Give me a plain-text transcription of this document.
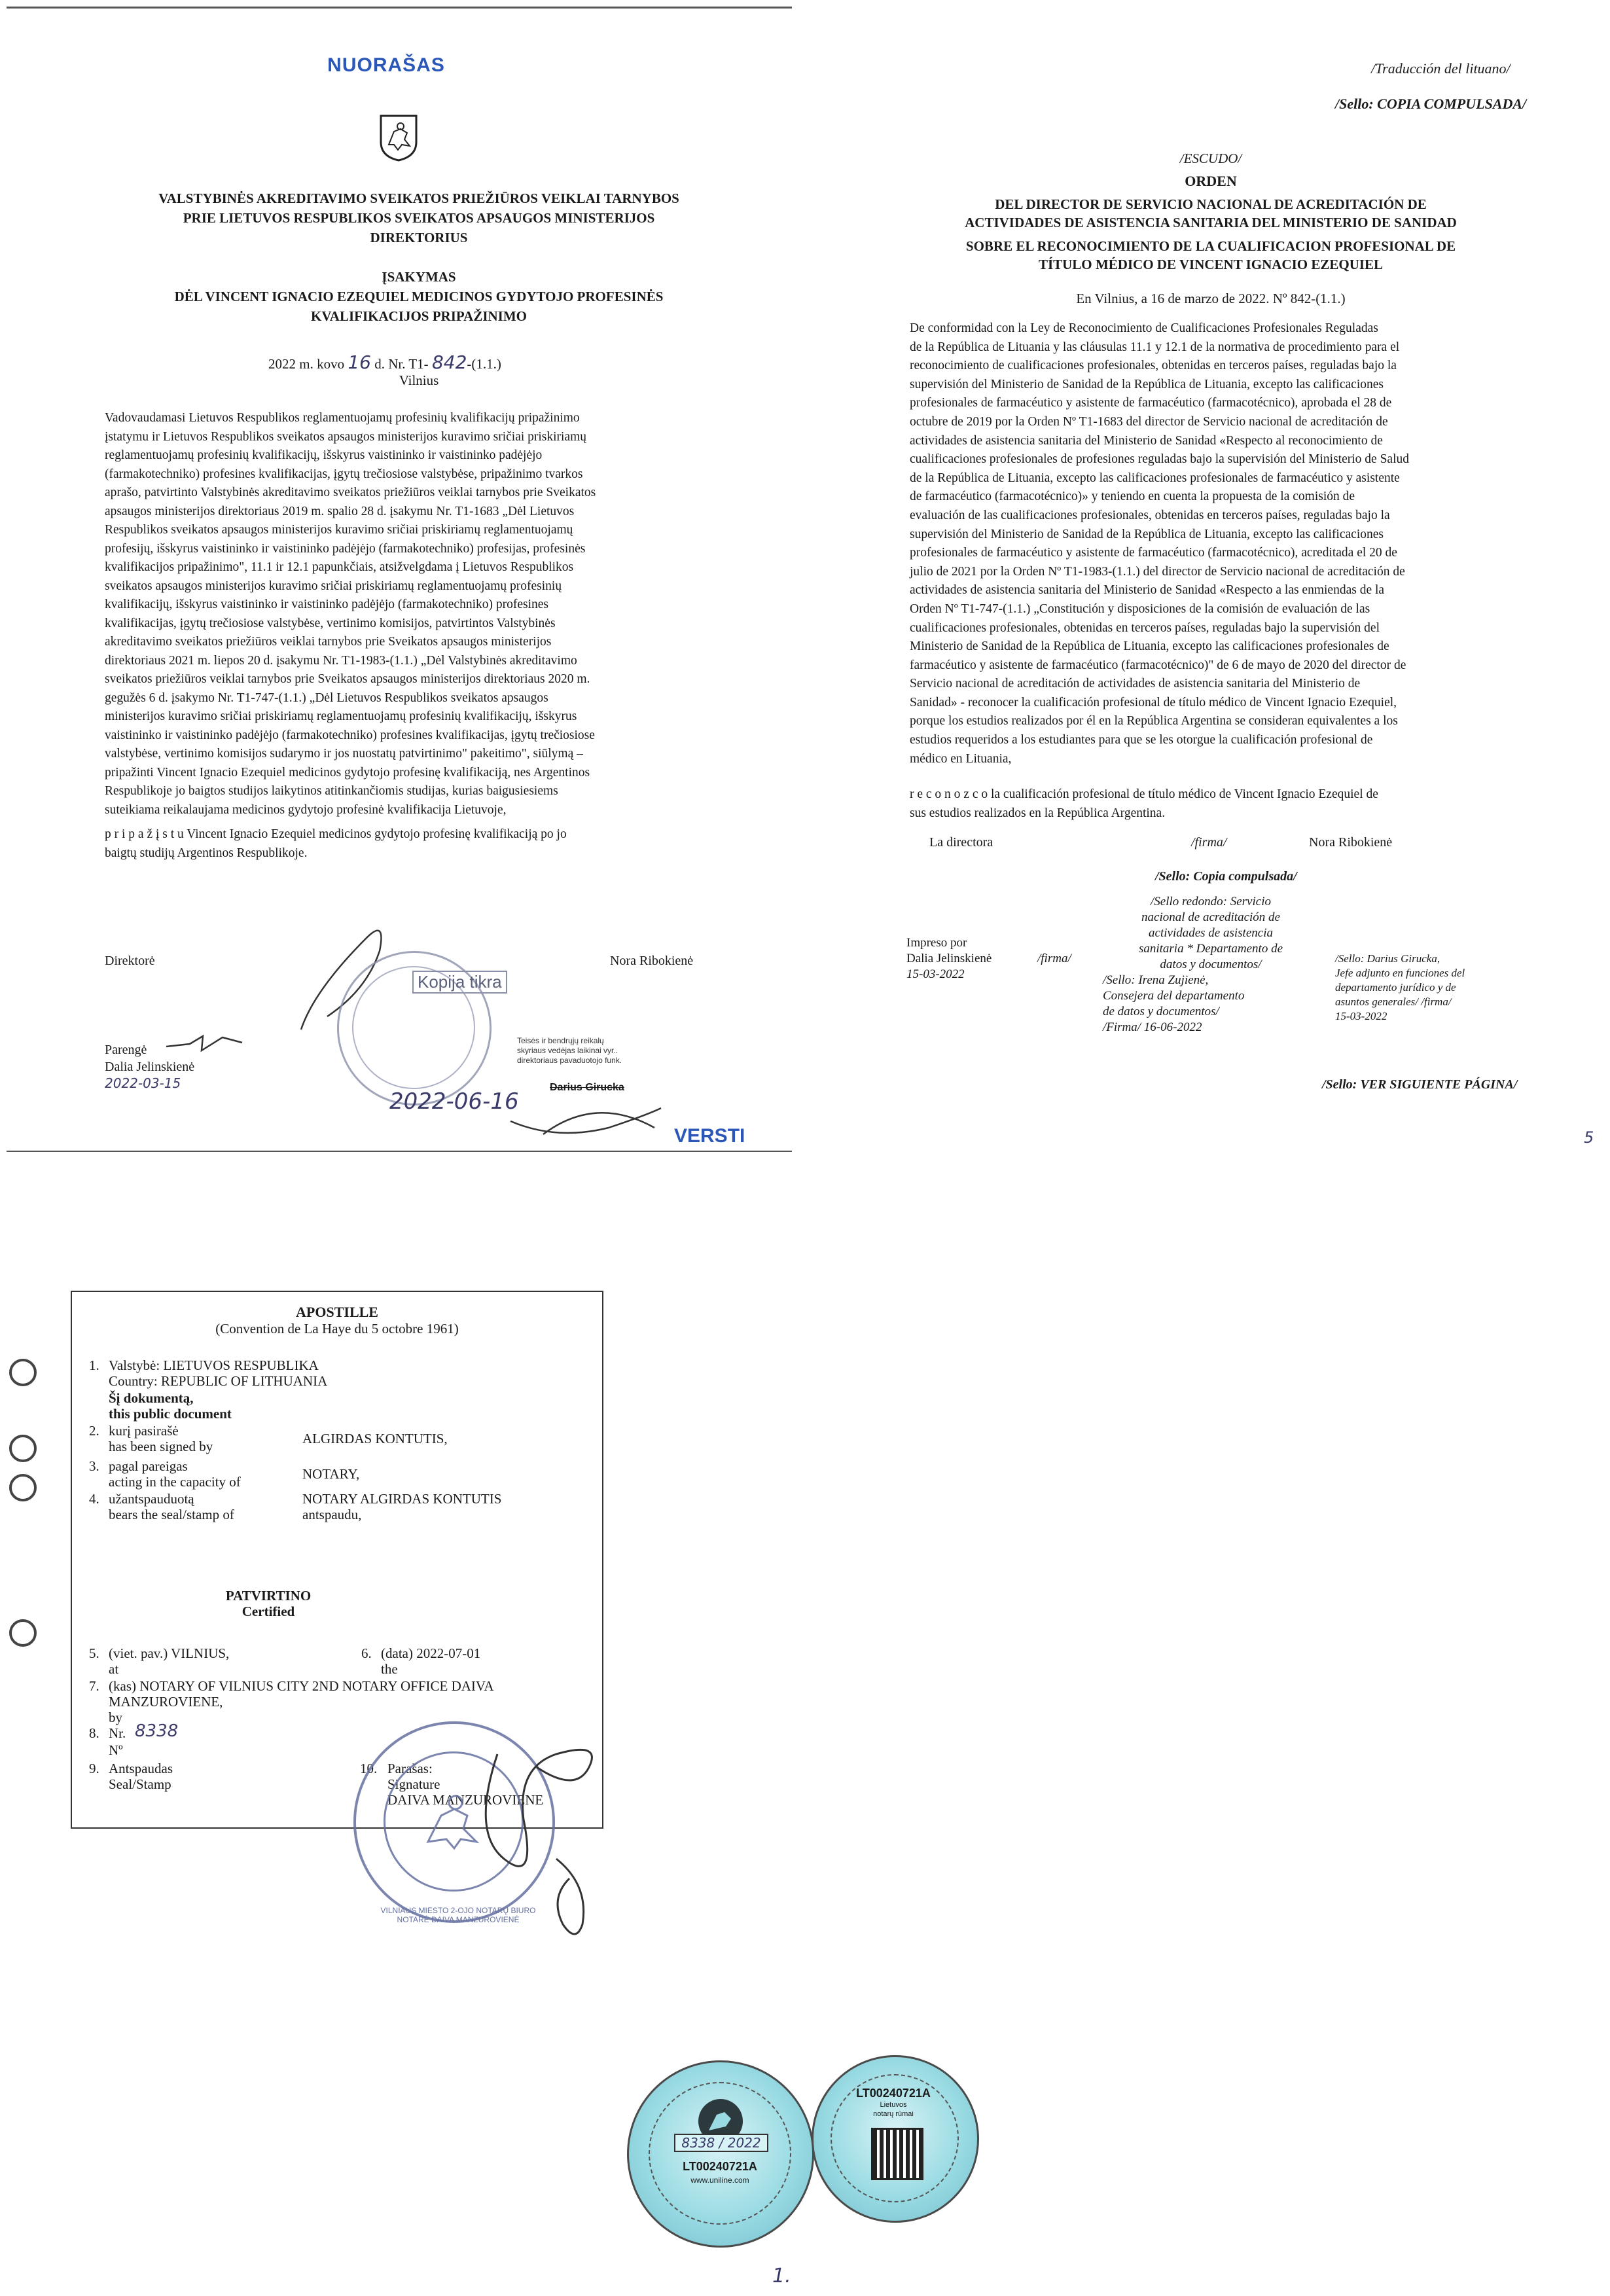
NUORAŠAS
VALSTYBINĖS AKREDITAVIMO SVEIKATOS PRIEŽIŪROS VEIKLAI TARNYBOS
PRIE LIETUVOS RESPUBLIKOS SVEIKATOS APSAUGOS MINISTERIJOS
DIREKTORIUS
ĮSAKYMAS
DĖL VINCENT IGNACIO EZEQUIEL MEDICINOS GYDYTOJO PROFESINĖS
KVALIFIKACIJOS PRIPAŽINIMO
2022 m. kovo 16 d. Nr. T1- 842-(1.1.)
Vilnius
Vadovaudamasi Lietuvos Respublikos reglamentuojamų profesinių kvalifikacijų pripažinimo
įstatymu ir Lietuvos Respublikos sveikatos apsaugos ministerijos kuravimo sričiai priskiriamų
reglamentuojamų profesinių kvalifikacijų, išskyrus vaistininko ir vaistininko padėjėjo
(farmakotechniko) profesines kvalifikacijas, įgytų trečiosiose valstybėse, pripažinimo tvarkos
aprašo, patvirtinto Valstybinės akreditavimo sveikatos priežiūros veiklai tarnybos prie Sveikatos
apsaugos ministerijos direktoriaus 2019 m. spalio 28 d. įsakymu Nr. T1-1683 „Dėl Lietuvos
Respublikos sveikatos apsaugos ministerijos kuravimo sričiai priskiriamų reglamentuojamų
profesijų, išskyrus vaistininko ir vaistininko padėjėjo (farmakotechniko) profesijas, profesinės
kvalifikacijos pripažinimo", 11.1 ir 12.1 papunkčiais, atsižvelgdama į Lietuvos Respublikos
sveikatos apsaugos ministerijos kuravimo sričiai priskiriamų reglamentuojamų profesinių
kvalifikacijų, išskyrus vaistininko ir vaistininko padėjėjo (farmakotechniko) profesines
kvalifikacijas, įgytų trečiosiose valstybėse, vertinimo komisijos, patvirtintos Valstybinės
akreditavimo sveikatos priežiūros veiklai tarnybos prie Sveikatos apsaugos ministerijos
direktoriaus 2021 m. liepos 20 d. įsakymu Nr. T1-1983-(1.1.) „Dėl Valstybinės akreditavimo
sveikatos priežiūros veiklai tarnybos prie Sveikatos apsaugos ministerijos direktoriaus 2020 m.
gegužės 6 d. įsakymo Nr. T1-747-(1.1.) „Dėl Lietuvos Respublikos sveikatos apsaugos
ministerijos kuravimo sričiai priskiriamų reglamentuojamų profesinių kvalifikacijų, išskyrus
vaistininko ir vaistininko padėjėjo (farmakotechniko) profesines kvalifikacijas, įgytų trečiosiose
valstybėse, vertinimo komisijos sudarymo ir jos nuostatų patvirtinimo" pakeitimo", siūlymą –
pripažinti Vincent Ignacio Ezequiel medicinos gydytojo profesinę kvalifikaciją, nes Argentinos
Respublikoje jo baigtos studijos laikytinos atitinkančiomis studijas, kurias baigusiesiems
suteikiama reikalaujama medicinos gydytojo profesinė kvalifikacija Lietuvoje,
p r i p a ž į s t u Vincent Ignacio Ezequiel medicinos gydytojo profesinę kvalifikaciją po jo
baigtų studijų Argentinos Respublikoje.
Direktorė	Nora Ribokienė
Kopija tikra
Parengė
Dalia Jelinskienė
2022-03-15
Teisės ir bendrųjų reikalų
skyriaus vedėjas laikinai vyr..
direktoriaus pavaduotojo funk.
Darius Girucka
2022-06-16
VERSTI
/Traducción del lituano/
/Sello: COPIA COMPULSADA/
/ESCUDO/
ORDEN
DEL DIRECTOR DE SERVICIO NACIONAL DE ACREDITACIÓN DE
ACTIVIDADES DE ASISTENCIA SANITARIA DEL MINISTERIO DE SANIDAD
SOBRE EL RECONOCIMIENTO DE LA CUALIFICACION PROFESIONAL DE
TÍTULO MÉDICO DE VINCENT IGNACIO EZEQUIEL
En Vilnius, a 16 de marzo de 2022. Nº 842-(1.1.)
De conformidad con la Ley de Reconocimiento de Cualificaciones Profesionales Reguladas
de la República de Lituania y las cláusulas 11.1 y 12.1 de la normativa de procedimiento para el
reconocimiento de cualificaciones profesionales, obtenidas en terceros países, reguladas bajo la
supervisión del Ministerio de Sanidad de la República de Lituania, excepto las calificaciones
profesionales de farmacéutico y asistente de farmacéutico (farmacotécnico), aprobada el 28 de
octubre de 2019 por la Orden Nº T1-1683 del director de Servicio nacional de acreditación de
actividades de asistencia sanitaria del Ministerio de Sanidad «Respecto al reconocimiento de
cualificaciones profesionales de profesiones reguladas bajo la supervisión del Ministerio de Salud
de la República de Lituania, excepto las calificaciones profesionales de farmacéutico y asistente
de farmacéutico (farmacotécnico)» y teniendo en cuenta la propuesta de la comisión de
evaluación de las cualificaciones profesionales, obtenidas en terceros países, reguladas bajo la
supervisión del Ministerio de Sanidad de la República de Lituania, excepto las calificaciones
profesionales de farmacéutico y asistente de farmacéutico (farmacotécnico), acreditada el 20 de
julio de 2021 por la Orden Nº T1-1983-(1.1.) del director de Servicio nacional de acreditación de
actividades de asistencia sanitaria del Ministerio de Sanidad «Respecto a las enmiendas de la
Orden Nº T1-747-(1.1.) „Constitución y disposiciones de la comisión de evaluación de las
cualificaciones profesionales, obtenidas en terceros países, reguladas bajo la supervisión del
Ministerio de Sanidad de la República de Lituania, excepto las calificaciones profesionales de
farmacéutico y asistente de farmacéutico (farmacotécnico)" de 6 de mayo de 2020 del director de
Servicio nacional de acreditación de actividades de asistencia sanitaria del Ministerio de
Sanidad» - reconocer la cualificación profesional de título médico de Vincent Ignacio Ezequiel,
porque los estudios realizados por él en la República Argentina se consideran equivalentes a los
estudios requeridos a los estudiantes para que se les otorgue la cualificación profesional de
médico en Lituania,
r e c o n o z c o la cualificación profesional de título médico de Vincent Ignacio Ezequiel de
sus estudios realizados en la República Argentina.
La directora	/firma/	Nora Ribokienė
/Sello: Copia compulsada/
Impreso por
Dalia Jelinskienė	/firma/
15-03-2022
/Sello redondo: Servicio
nacional de acreditación de
actividades de asistencia
sanitaria * Departamento de
datos y documentos/
/Sello: Irena Zujienė,
Consejera del departamento
de datos y documentos/
/Firma/ 16-06-2022
/Sello: Darius Girucka,
Jefe adjunto en funciones del
departamento jurídico y de
asuntos generales/ /firma/
15-03-2022
/Sello: VER SIGUIENTE PÁGINA/
5
APOSTILLE
(Convention de La Haye du 5 octobre 1961)
1. Valstybė: LIETUVOS RESPUBLIKA
Country: REPUBLIC OF LITHUANIA
Šį dokumentą,
this public document
2. kurį pasirašė
has been signed by	ALGIRDAS KONTUTIS,
3. pagal pareigas
acting in the capacity of	NOTARY,
4. užantspauduotą
bears the seal/stamp of
NOTARY ALGIRDAS KONTUTIS
antspaudu,
PATVIRTINO
Certified
5. (viet. pav.) VILNIUS,
at
6. (data) 2022-07-01
the
7. (kas) NOTARY OF VILNIUS CITY 2ND NOTARY OFFICE DAIVA
MANZUROVIENE,
by
8. Nr. 8338
Nº
9. Antspaudas
Seal/Stamp
10. Parašas:
Signature
DAIVA MANZUROVIENE
VILNIAUS MIESTO 2-OJO NOTARŲ BIURO NOTARĖ DAIVA MANZUROVIENĖ
8338 / 2022
LT00240721A
www.uniline.com
LT00240721A
Lietuvos
notarų rūmai
1.
